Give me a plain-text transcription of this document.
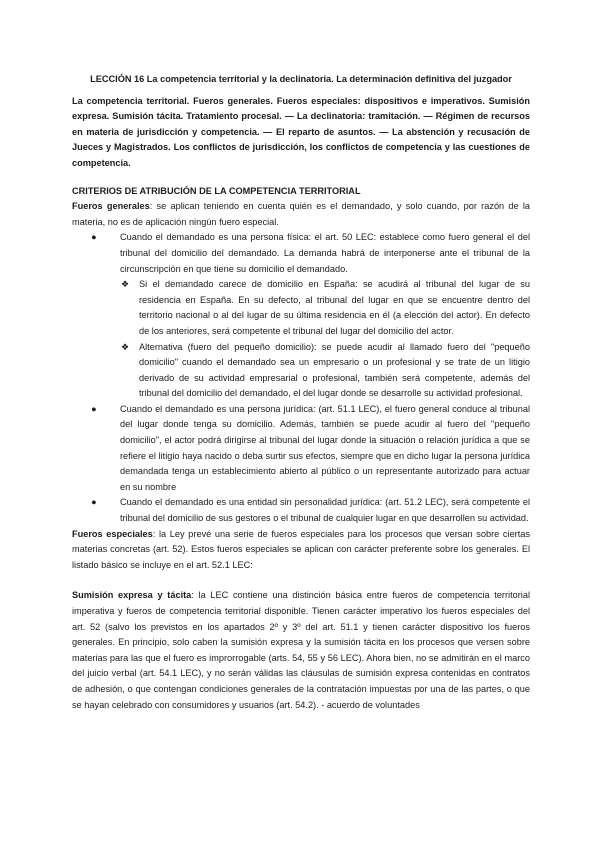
LECCIÓN 16 La competencia territorial y la declinatoria. La determinación definitiva del juzgador
La competencia territorial. Fueros generales. Fueros especiales: dispositivos e imperativos. Sumisión expresa. Sumisión tácita. Tratamiento procesal. — La declinatoria: tramitación. — Régimen de recursos en materia de jurisdicción y competencia. — El reparto de asuntos. — La abstención y recusación de Jueces y Magistrados. Los conflictos de jurisdicción, los conflictos de competencia y las cuestiones de competencia.
CRITERIOS DE ATRIBUCIÓN DE LA COMPETENCIA TERRITORIAL

Fueros generales: se aplican teniendo en cuenta quién es el demandado, y solo cuando, por razón de la materia, no es de aplicación ningún fuero especial.

●	Cuando el demandado es una persona física: el art. 50 LEC: establece como fuero general el del tribunal del domicilio del demandado. La demanda habrá de interponerse ante el tribunal de la circunscripción en que tiene su domicilio el demandado.
❖ Si el demandado carece de domicilio en España: se acudirá al tribunal del lugar de su residencia en España. En su defecto, al tribunal del lugar en que se encuentre dentro del territorio nacional o al del lugar de su última residencia en él (a elección del actor). En defecto de los anteriores, será competente el tribunal del lugar del domicilio del actor.
❖ Alternativa (fuero del pequeño domicilio): se puede acudir al llamado fuero del "pequeño domicilio" cuando el demandado sea un empresario o un profesional y se trate de un litigio derivado de su actividad empresarial o profesional, también será competente, además del tribunal del domicilio del demandado, el del lugar donde se desarrolle su actividad profesional.
●	Cuando el demandado es una persona jurídica: (art. 51.1 LEC), el fuero general conduce al tribunal del lugar donde tenga su domicilio. Además, también se puede acudir al fuero del "pequeño domicilio", el actor podrá dirigirse al tribunal del lugar donde la situación o relación jurídica a que se refiere el litigio haya nacido o deba surtir sus efectos, siempre que en dicho lugar la persona jurídica demandada tenga un establecimiento abierto al público o un representante autorizado para actuar en su nombre
●	Cuando el demandado es una entidad sin personalidad jurídica: (art. 51.2 LEC), será competente el tribunal del domicilio de sus gestores o el tribunal de cualquier lugar en que desarrollen su actividad.

Fueros especiales: la Ley prevé una serie de fueros especiales para los procesos que versan sobre ciertas materias concretas (art. 52). Estos fueros especiales se aplican con carácter preferente sobre los generales. El listado básico se incluye en el art. 52.1 LEC:

Sumisión expresa y tácita: la LEC contiene una distinción básica entre fueros de competencia territorial imperativa y fueros de competencia territorial disponible. Tienen carácter imperativo los fueros especiales del art. 52 (salvo los previstos en los apartados 2º y 3º del art. 51.1 y tienen carácter dispositivo los fueros generales. En principio, solo caben la sumisión expresa y la sumisión tácita en los procesos que versen sobre materias para las que el fuero es improrrogable (arts. 54, 55 y 56 LEC). Ahora bien, no se admitirán en el marco del juicio verbal (art. 54.1 LEC), y no serán válidas las cláusulas de sumisión expresa contenidas en contratos de adhesión, o que contengan condiciones generales de la contratación impuestas por una de las partes, o que se hayan celebrado con consumidores y usuarios (art. 54.2). - acuerdo de voluntades
